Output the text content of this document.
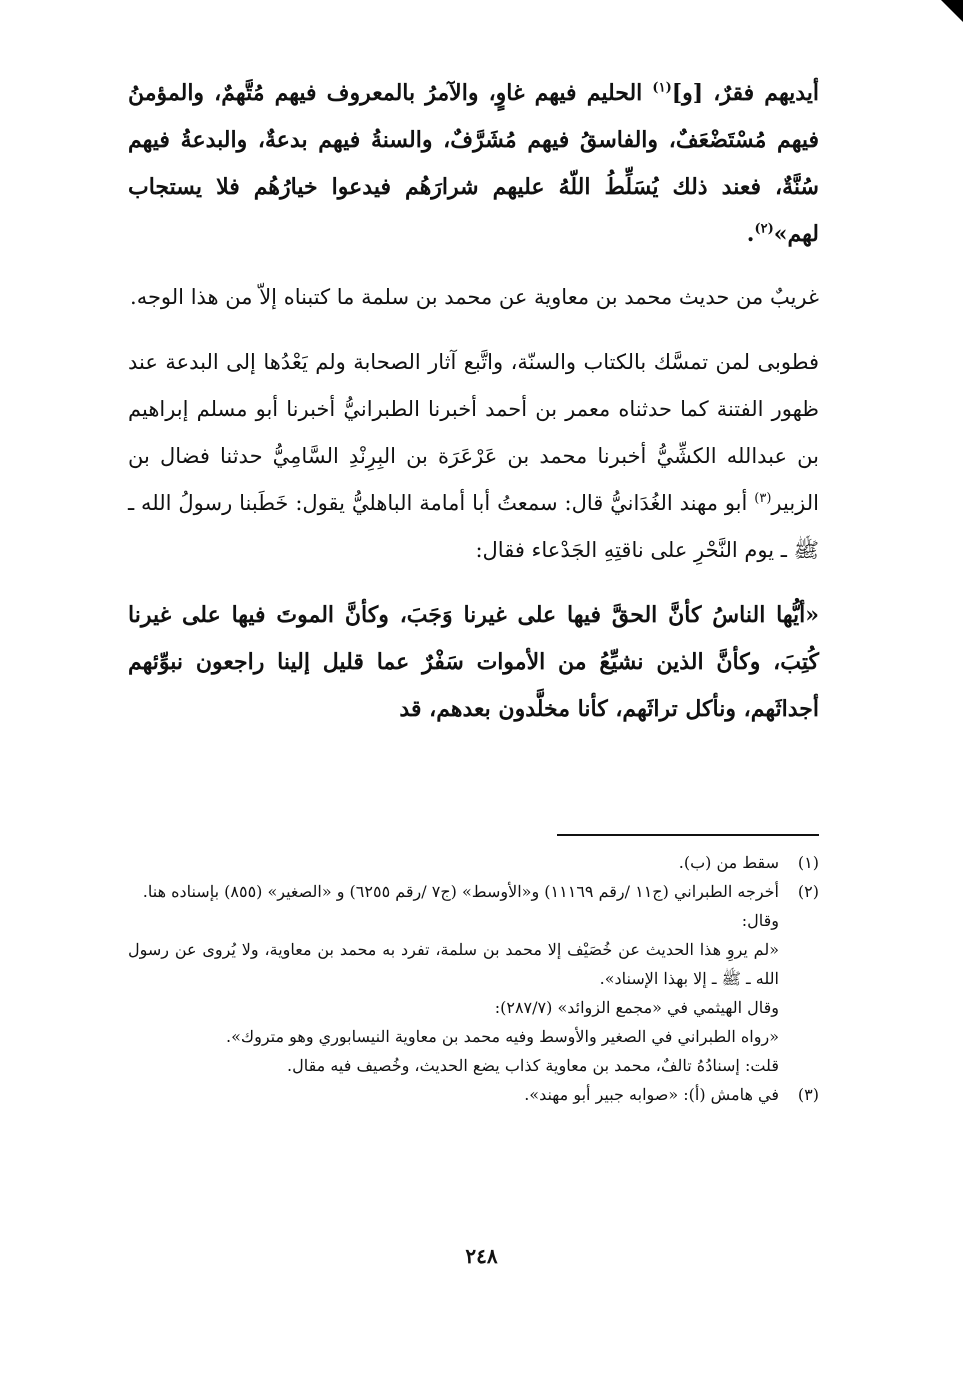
أيديهم فقرٌ، [و]$^{(١)}$ الحليم فيهم غاوٍ، والآمرُ بالمعروف فيهم مُتَّهمٌ، والمؤمنُ فيهم مُسْتَضْعَفٌ، والفاسقُ فيهم مُشَرَّفٌ، والسنةُ فيهم بدعةٌ، والبدعةُ فيهم سُنَّةٌ، فعند ذلك يُسَلِّطُ اللّهُ عليهم شرارَهُم فيدعوا خيارُهُم فلا يستجاب لهم»$^{(٢)}$.

غريبٌ من حديث محمد بن معاوية عن محمد بن سلمة ما كتبناه إلاّ من هذا الوجه.

فطوبى لمن تمسَّك بالكتاب والسنّة، واتَّبع آثار الصحابة ولم يَعْدُها إلى البدعة عند ظهور الفتنة كما حدثناه معمر بن أحمد أخبرنا الطبرانيُّ أخبرنا أبو مسلم إبراهيم بن عبدالله الكشِّيُّ أخبرنا محمد بن عَرْعَرَة بن البِرِنْدِ السَّامِيُّ حدثنا فضال بن الزبير$^{(٣)}$ أبو مهند الغُدَانيُّ قال: سمعتُ أبا أمامة الباهليُّ يقول: خَطَبنا رسولُ الله ـ ﷺ ـ يوم النَّحْرِ على ناقتِهِ الجَدْعاء فقال:

«أيُّها الناسُ كأنَّ الحقَّ فيها على غيرنا وَجَبَ، وكأنَّ الموتَ فيها على غيرنا كُتِبَ، وكأنَّ الذين نشيِّعُ من الأموات سَفْرٌ عما قليل إلينا راجعون نبوِّئهم أجداثَهم، ونأكل تراثَهم، كأنا مخلَّدون بعدهم، قد

(١)
سقط من (ب).
(٢)
أخرجه الطبراني (ج١١ /رقم ١١١٦٩) و«الأوسط» (ج٧ /رقم ٦٢٥٥) و «الصغير» (٨٥٥) بإسناده هنا.
وقال:
«لم يروِ هذا الحديث عن خُصَيْف إلا محمد بن سلمة، تفرد به محمد بن معاوية، ولا يُروى عن رسول الله ـ ﷺ ـ إلا بهذا الإسناد».
وقال الهيثمي في «مجمع الزوائد» (٢٨٧/٧):
«رواه الطبراني في الصغير والأوسط وفيه محمد بن معاوية النيسابوري وهو متروك».
قلت: إسنادُهُ تالفٌ، محمد بن معاوية كذاب يضع الحديث، وخُصيف فيه مقال.
(٣)
في هامش (أ): «صوابه جبير أبو مهند».
٢٤٨
